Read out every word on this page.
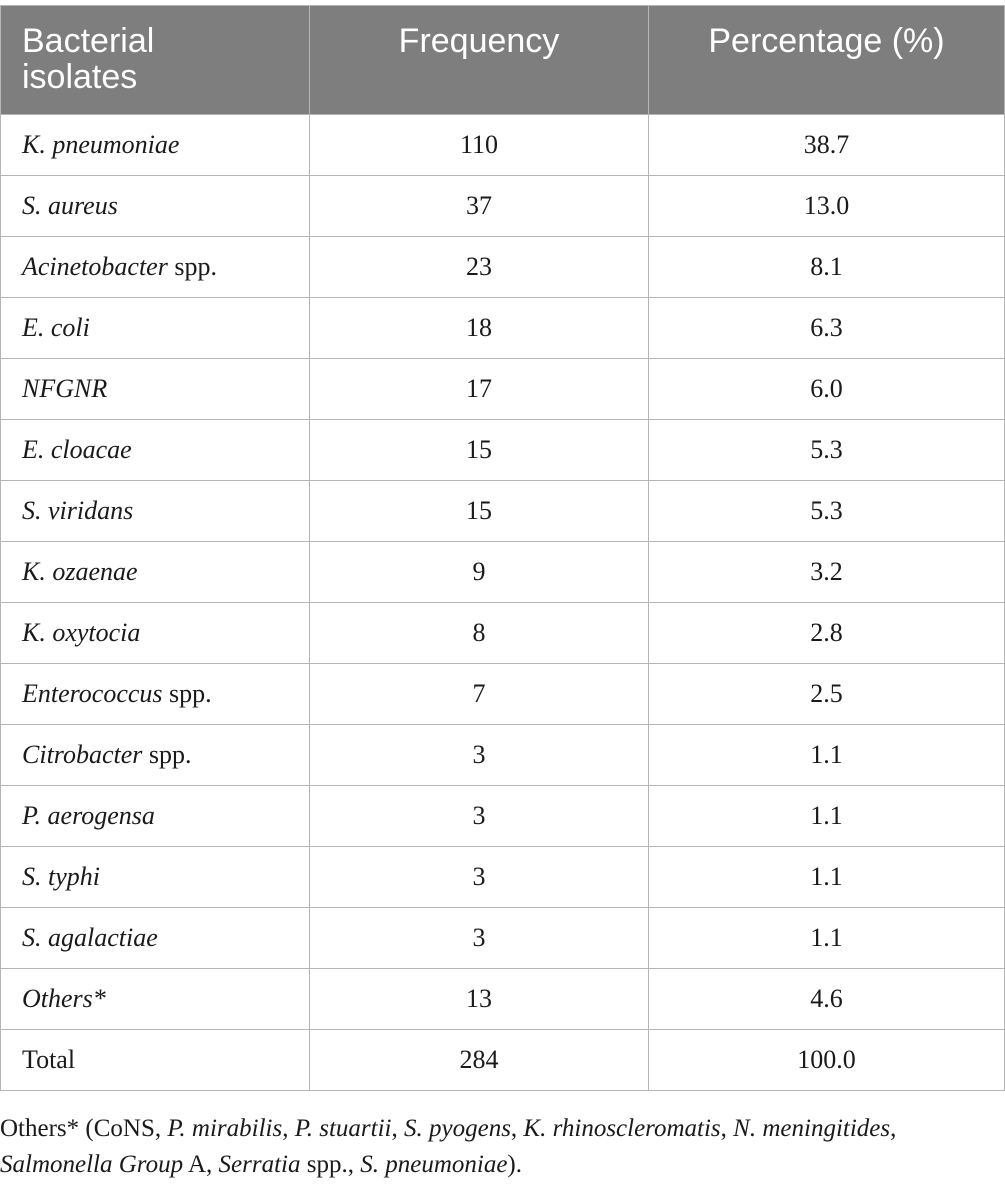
Bacterial isolates	Frequency	Percentage (%)

K. pneumoniae	110	38.7
S. aureus	37	13.0
Acinetobacter spp.	23	8.1
E. coli	18	6.3
NFGNR	17	6.0
E. cloacae	15	5.3
S. viridans	15	5.3
K. ozaenae	9	3.2
K. oxytocia	8	2.8
Enterococcus spp.	7	2.5
Citrobacter spp.	3	1.1
P. aerogensa	3	1.1
S. typhi	3	1.1
S. agalactiae	3	1.1
Others*	13	4.6
Total	284	100.0
Others* (CoNS, P. mirabilis, P. stuartii, S. pyogens, K. rhinoscleromatis, N. meningitides, Salmonella Group A, Serratia spp., S. pneumoniae).
